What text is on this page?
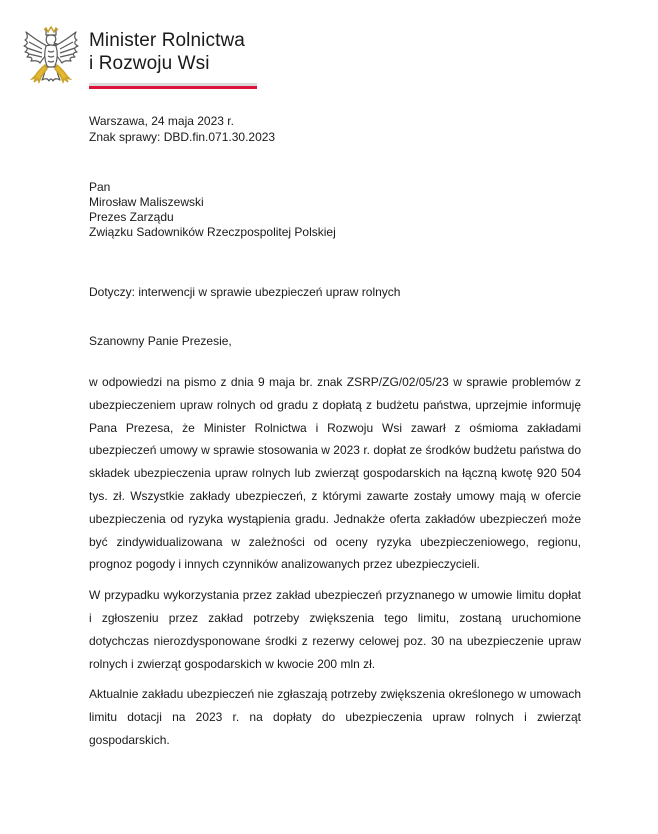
Minister Rolnictwa
i Rozwoju Wsi
Warszawa, 24 maja 2023 r.
Znak sprawy: DBD.fin.071.30.2023
Pan
Mirosław Maliszewski
Prezes Zarządu
Związku Sadowników Rzeczpospolitej Polskiej
Dotyczy: interwencji w sprawie ubezpieczeń upraw rolnych
Szanowny Panie Prezesie,

w odpowiedzi na pismo z dnia 9 maja br. znak ZSRP/ZG/02/05/23 w sprawie problemów z ubezpieczeniem upraw rolnych od gradu z dopłatą z budżetu państwa, uprzejmie informuję Pana Prezesa, że Minister Rolnictwa i Rozwoju Wsi zawarł z ośmioma zakładami ubezpieczeń umowy w sprawie stosowania w 2023 r. dopłat ze środków budżetu państwa do składek ubezpieczenia upraw rolnych lub zwierząt gospodarskich na łączną kwotę 920 504 tys. zł. Wszystkie zakłady ubezpieczeń, z którymi zawarte zostały umowy mają w ofercie ubezpieczenia od ryzyka wystąpienia gradu. Jednakże oferta zakładów ubezpieczeń może być zindywidualizowana w zależności od oceny ryzyka ubezpieczeniowego, regionu, prognoz pogody i innych czynników analizowanych przez ubezpieczycieli.

W przypadku wykorzystania przez zakład ubezpieczeń przyznanego w umowie limitu dopłat i zgłoszeniu przez zakład potrzeby zwiększenia tego limitu, zostaną uruchomione dotychczas nierozdysponowane środki z rezerwy celowej poz. 30 na ubezpieczenie upraw rolnych i zwierząt gospodarskich w kwocie 200 mln zł.

Aktualnie zakładu ubezpieczeń nie zgłaszają potrzeby zwiększenia określonego w umowach limitu dotacji na 2023 r. na dopłaty do ubezpieczenia upraw rolnych i zwierząt gospodarskich.
